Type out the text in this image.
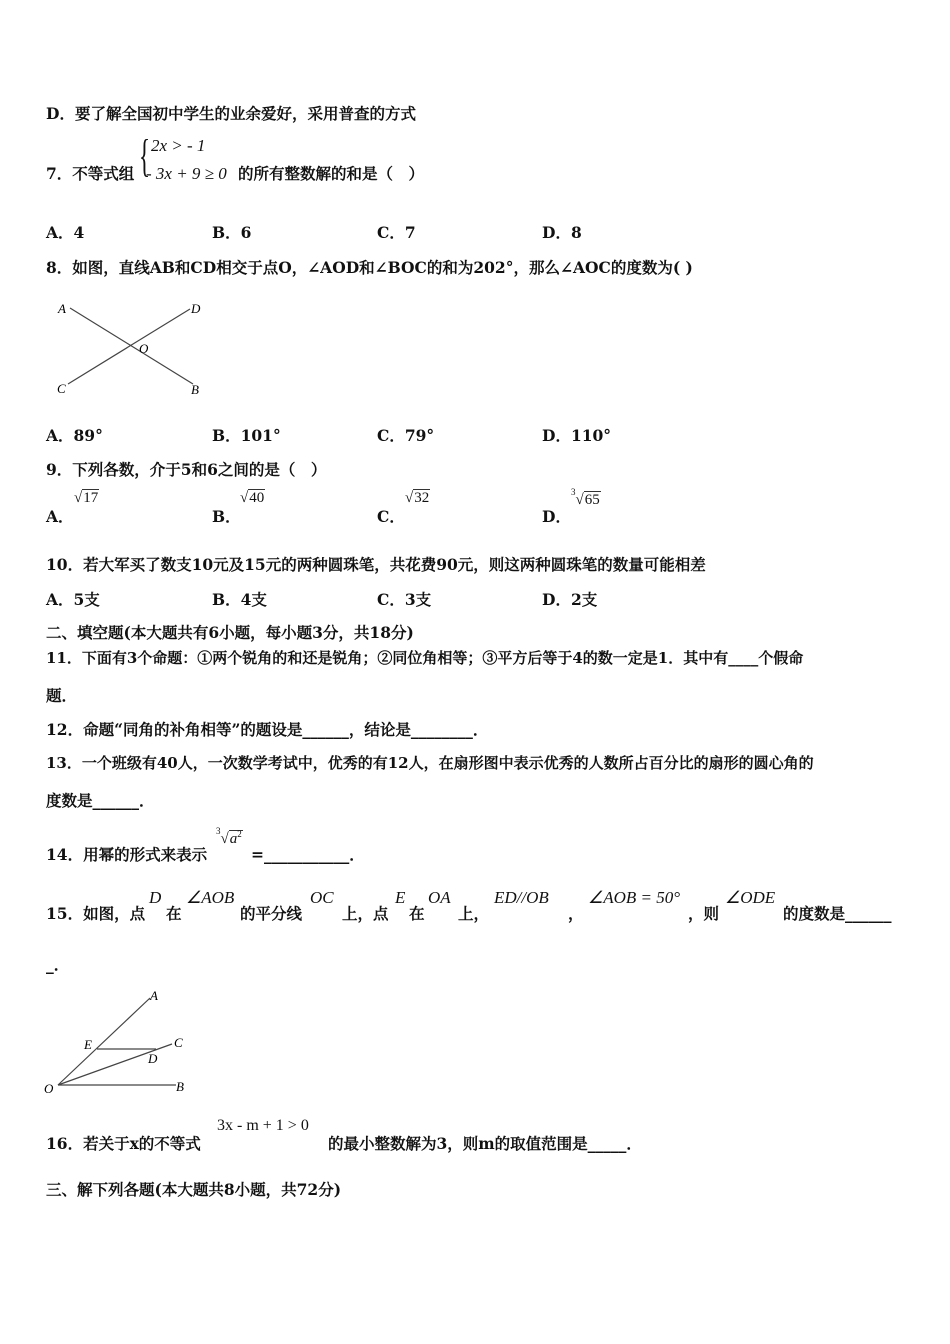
D．要了解全国初中学生的业余爱好，采用普查的方式
7．不等式组 { 2x > - 1
- 3x + 9 ≥ 0 的所有整数解的和是（　）
A．4	B．6	C．7	D．8
8．如图，直线AB和CD相交于点O，∠AOD和∠BOC的和为202°，那么∠AOC的度数为( )
A	D
O
C	B
A．89°	B．101°	C．79°	D．110°
9．下列各数，介于5和6之间的是（　）
A．
√17
B．
√40
C．
√32
D．
$^3$√65
10．若大军买了数支10元及15元的两种圆珠笔，共花费90元，则这两种圆珠笔的数量可能相差
A．5支	B．4支	C．3支	D．2支
二、填空题(本大题共有6小题，每小题3分，共18分)
11．下面有3个命题：①两个锐角的和还是锐角；②同位角相等；③平方后等于4的数一定是1．其中有____个假命
题．
12．命题“同角的补角相等”的题设是______，结论是________．
13．一个班级有40人，一次数学考试中，优秀的有12人，在扇形图中表示优秀的人数所占百分比的扇形的圆心角的
度数是______．
14．用幂的形式来表示
$^3√a^2$
=___________．
15．如图，点
D
在
∠AOB
的平分线
OC
上，点
E
在
OA
上，
ED//OB
，
∠AOB = 50°
，则
∠ODE
的度数是______
_．
A
C
E
D
O	B
16．若关于x的不等式
3x - m + 1 > 0
的最小整数解为3，则m的取值范围是_____．
三、解下列各题(本大题共8小题，共72分)
